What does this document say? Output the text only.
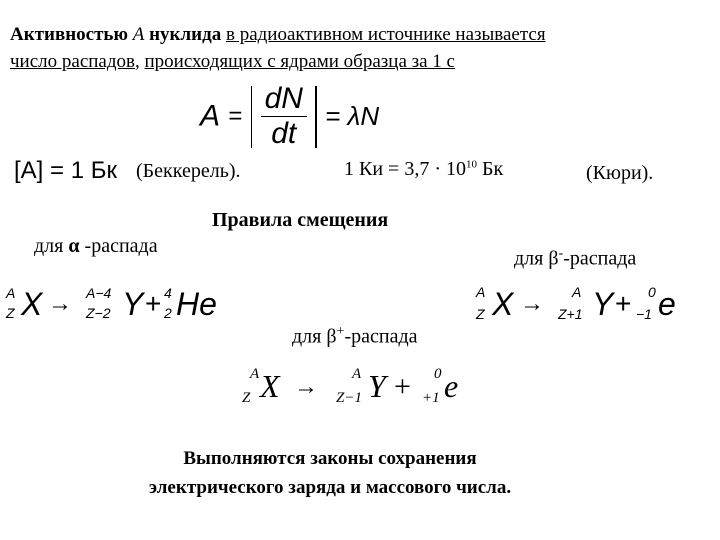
Активностью A нуклида в радиоактивном источнике называется
число распадов, происходящих с ядрами образца за 1 с
$A = \frac{dN}{dt} = \lambda N$
[A] = 1 Бк (Беккерель).	1 Ки = $3,7 \cdot 10^{10}$ Бк	(Кюри).
Правила смещения
для α -распада
для β--распада
A
Z X → A−4
Z−2 Y + 4
2 He	A
Z X → A
Z+1 Y + 0
−1 e
для β+-распада
A
Z X → A
Z−1 Y + 0
+1 e
Выполняются законы сохранения
электрического заряда и массового числа.
